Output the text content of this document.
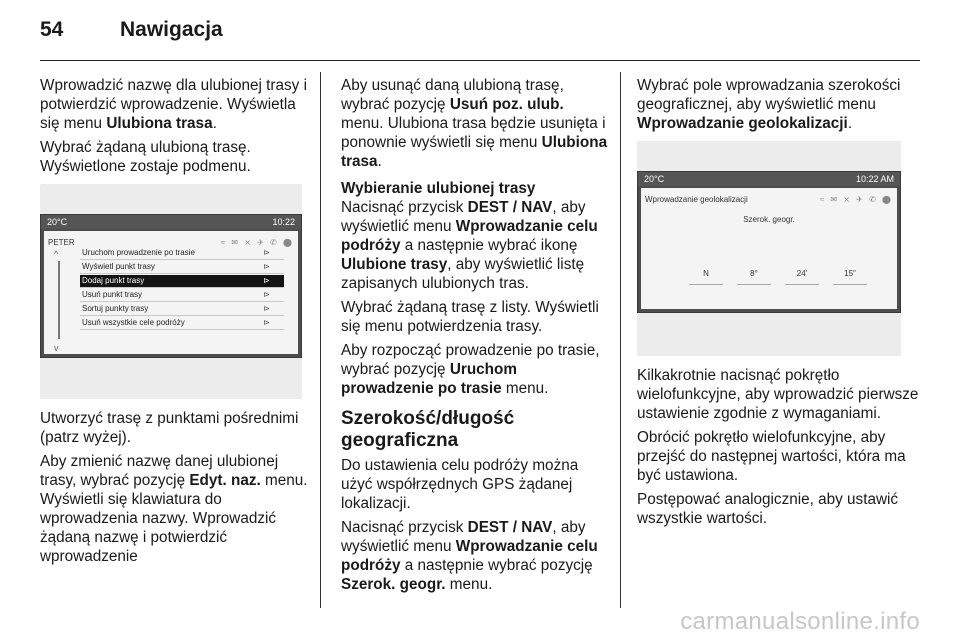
54	Nawigacja

Wprowadzić nazwę dla ulubionej trasy i potwierdzić wprowadzenie. Wyświetla się menu Ulubiona trasa.

Wybrać żądaną ulubioną trasę. Wyświetlone zostaje podmenu.

20°C	10:22
PETER	≈ ✉ ⨯ ✈ ✆ ⬤
^
v
Uruchom prowadzenie po trasie	⊳
Wyświetl punkt trasy	⊳
Dodaj punkt trasy	⊳
Usuń punkt trasy	⊳
Sortuj punkty trasy	⊳
Usuń wszystkie cele podróży	⊳

Utworzyć trasę z punktami pośrednimi (patrz wyżej).

Aby zmienić nazwę danej ulubionej trasy, wybrać pozycję Edyt. naz. menu. Wyświetli się klawiatura do wprowadzenia nazwy. Wprowadzić żądaną nazwę i potwierdzić wprowadzenie

Aby usunąć daną ulubioną trasę, wybrać pozycję Usuń poz. ulub. menu. Ulubiona trasa będzie usunięta i ponownie wyświetli się menu Ulubiona trasa.

Wybieranie ulubionej trasy

Nacisnąć przycisk DEST / NAV, aby wyświetlić menu Wprowadzanie celu podróży a następnie wybrać ikonę Ulubione trasy, aby wyświetlić listę zapisanych ulubionych tras.

Wybrać żądaną trasę z listy. Wyświetli się menu potwierdzenia trasy.

Aby rozpocząć prowadzenie po trasie, wybrać pozycję Uruchom prowadzenie po trasie menu.

Szerokość/długość geograficzna

Do ustawienia celu podróży można użyć współrzędnych GPS żądanej lokalizacji.

Nacisnąć przycisk DEST / NAV, aby wyświetlić menu Wprowadzanie celu podróży a następnie wybrać pozycję Szerok. geogr. menu.

Wybrać pole wprowadzania szerokości geograficznej, aby wyświetlić menu Wprowadzanie geolokalizacji.

20°C	10:22 AM
Wprowadzanie geolokalizacji	≈ ✉ ⨯ ✈ ✆ ⬤
Szerok. geogr.
N	8°	24'	15"

Kilkakrotnie nacisnąć pokrętło wielofunkcyjne, aby wprowadzić pierwsze ustawienie zgodnie z wymaganiami.

Obrócić pokrętło wielofunkcyjne, aby przejść do następnej wartości, która ma być ustawiona.

Postępować analogicznie, aby ustawić wszystkie wartości.

carmanualsonline.info
